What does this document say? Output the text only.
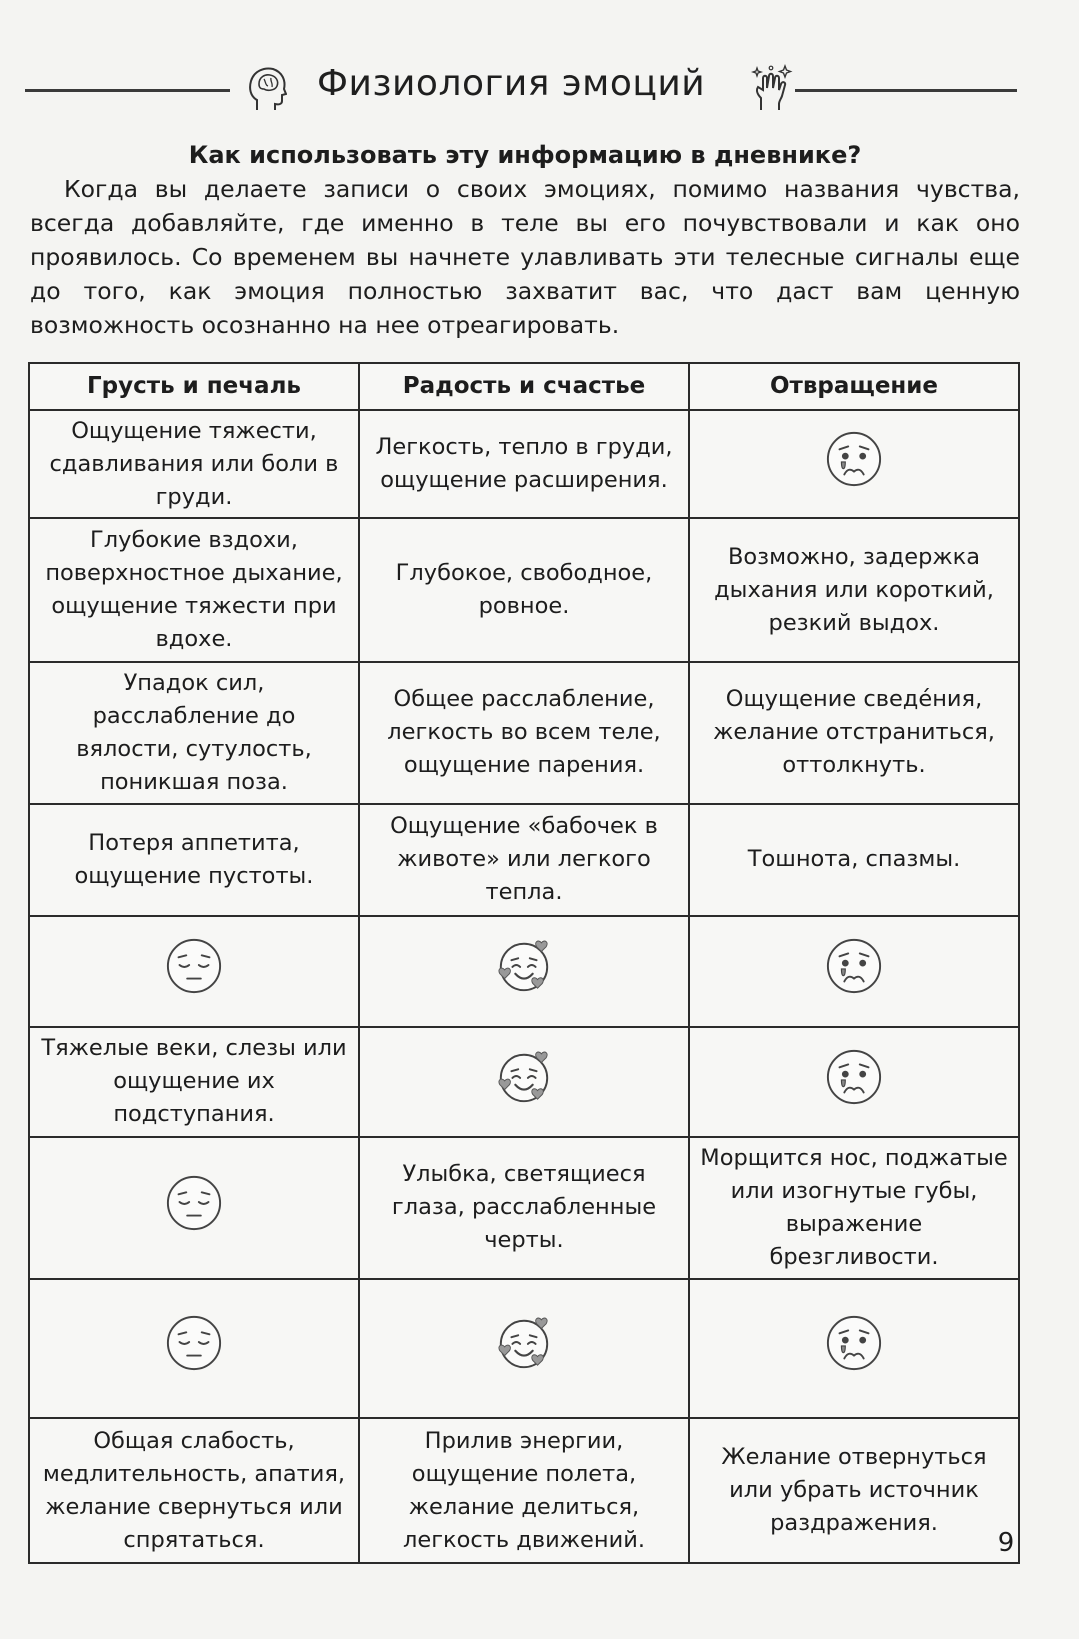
Физиология эмоций
Как использовать эту информацию в дневнике?
Когда вы делаете записи о своих эмоциях, помимо названия чувства, всегда добавляйте, где именно в теле вы его почувствовали и как оно проявилось. Со временем вы начнете улавливать эти телесные сигналы еще до того, как эмоция полностью захватит вас, что даст вам ценную возможность осознанно на нее отреагировать.
Грусть и печаль	Радость и счастье	Отвращение
Ощущение тяжести, сдавливания или боли в груди.	Легкость, тепло в груди, ощущение расширения.	
Глубокие вздохи, поверхностное дыхание, ощущение тяжести при вдохе.	Глубокое, свободное, ровное.	Возможно, задержка дыхания или короткий, резкий выдох.
Упадок сил, расслабление до вялости, сутулость, поникшая поза.	Общее расслабление, легкость во всем теле, ощущение парения.	Ощущение сведе́ния, желание отстраниться, оттолкнуть.
Потеря аппетита, ощущение пустоты.	Ощущение «бабочек в животе» или легкого тепла.	Тошнота, спазмы.

Тяжелые веки, слезы или ощущение их подступания.		
	Улыбка, светящиеся глаза, расслабленные черты.	Морщится нос, поджатые или изогнутые губы, выражение брезгливости.

Общая слабость, медлительность, апатия, желание свернуться или спрятаться.	Прилив энергии, ощущение полета, желание делиться, легкость движений.	Желание отвернуться или убрать источник раздражения.
9
